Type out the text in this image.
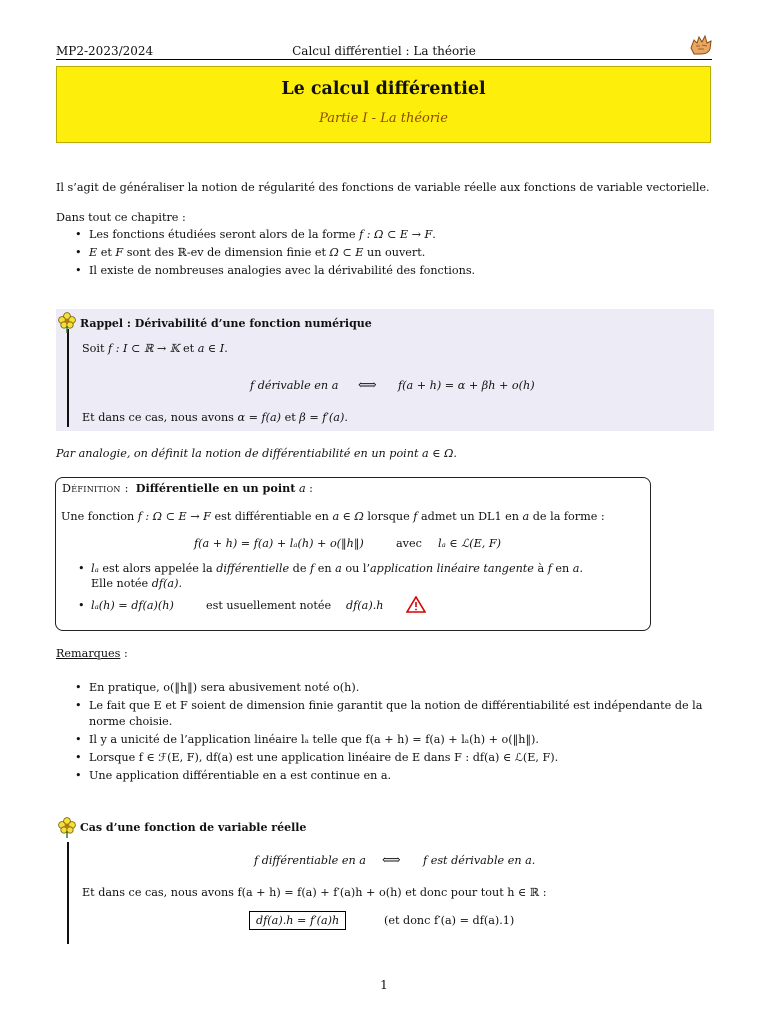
MP2-2023/2024	Calcul différentiel : La théorie
Le calcul différentiel
Partie I - La théorie
Il s’agit de généraliser la notion de régularité des fonctions de variable réelle aux fonctions de variable vectorielle.
Dans tout ce chapitre :
• Les fonctions étudiées seront alors de la forme f : Ω ⊂ E → F.
• E et F sont des ℝ-ev de dimension finie et Ω ⊂ E un ouvert.
• Il existe de nombreuses analogies avec la dérivabilité des fonctions.
Rappel : Dérivabilité d’une fonction numérique
Soit f : I ⊂ ℝ → 𝕂 et a ∈ I.
f dérivable en a ⟺ f(a + h) = α + βh + o(h)
Et dans ce cas, nous avons α = f(a) et β = f′(a).
Par analogie, on définit la notion de différentiabilité en un point a ∈ Ω.
Définition : Différentielle en un point a :
Une fonction f : Ω ⊂ E → F est différentiable en a ∈ Ω lorsque f admet un DL1 en a de la forme :
f(a + h) = f(a) + lₐ(h) + o(‖h‖)	avec lₐ ∈ ℒ(E, F)
• lₐ est alors appelée la différentielle de f en a ou l’application linéaire tangente à f en a.
Elle notée df(a).
• lₐ(h) = df(a)(h)	est usuellement notée df(a).h
Remarques :
• En pratique, o(‖h‖) sera abusivement noté o(h).
• Le fait que E et F soient de dimension finie garantit que la notion de différentiabilité est indépendante de la
norme choisie.
• Il y a unicité de l’application linéaire lₐ telle que f(a + h) = f(a) + lₐ(h) + o(‖h‖).
• Lorsque f ∈ ℱ(E, F), df(a) est une application linéaire de E dans F : df(a) ∈ ℒ(E, F).
• Une application différentiable en a est continue en a.
Cas d’une fonction de variable réelle
f différentiable en a ⟺ f est dérivable en a.
Et dans ce cas, nous avons f(a + h) = f(a) + f′(a)h + o(h) et donc pour tout h ∈ ℝ :
df(a).h = f′(a)h	(et donc f′(a) = df(a).1)
1
